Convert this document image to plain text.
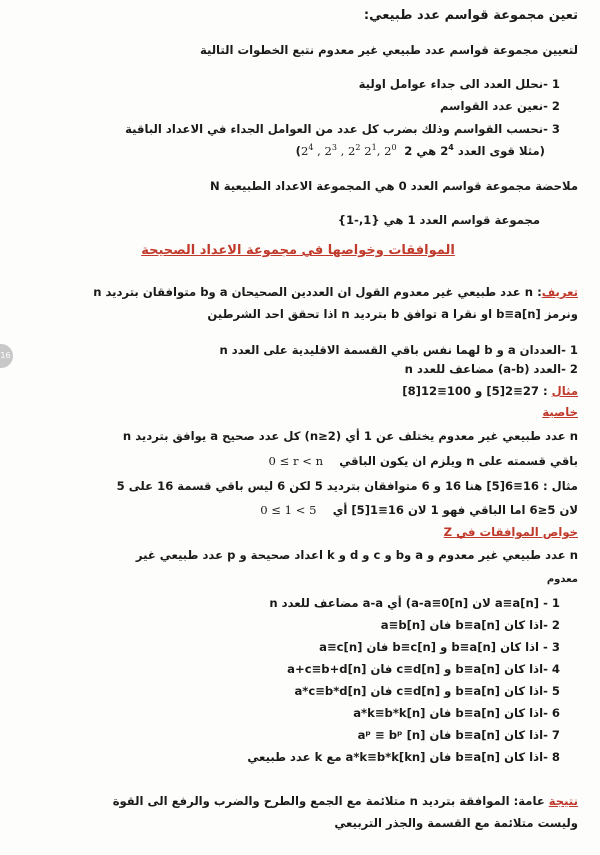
16
تعين مجموعة قواسم عدد طبيعي:
لتعيين مجموعة قواسم عدد طبيعي غير معدوم نتبع الخطوات التالية
1 -نحلل العدد الى جداء عوامل اولية
2 -نعين عدد القواسم
3 -نحسب القواسم وذلك بضرب كل عدد من العوامل الجداء في الاعداد الباقية
(مثلا قوى العدد $2^4$ هي 2 $2^4$ , $2^3$ , $2^2$ $2^1$, $2^0$ )
ملاحضة مجموعة قواسم العدد 0 هي المجموعة الاعداد الطبيعية N
مجموعة قواسم العدد 1 هي {1,-1}
الموافقات وخواصها في مجموعة الاعداد الصحيحة
تعريف: n عدد طبيعي غير معدوم القول ان العددين الصحيحان a وb متوافقان بترديد n
ونرمز b≡a[n] او نقرا a توافق b بترديد n اذا تحقق احد الشرطين
1 -العددان a و b لهما نفس باقي القسمة الاقليدية على العدد n
2 -العدد (a-b) مضاعف للعدد n
مثال : 27≡2[5] و 100≡12[8]
خاصية
n عدد طبيعي غير معدوم يختلف عن 1 أي (n≥2) كل عدد صحيح a يوافق بترديد n
باقي قسمته على n ويلزم ان يكون الباقي    0 ≤ r < n
مثال : 16≡6[5] هنا 16 و 6 متوافقان بترديد 5 لكن 6 ليس باقي قسمة 16 على 5
لان 5≤6 اما الباقي فهو 1 لان 16≡1[5] أي    0 ≤ 1 < 5
خواص الموافقات في Z
n عدد طبيعي غير معدوم و a وb و c و d و k اعداد صحيحة و p عدد طبيعي غير
معدوم
1 - a≡a[n] لان a-a≡0[n]) أي a-a مضاعف للعدد n
2 -اذا كان b≡a[n] فان a≡b[n]
3 - اذا كان b≡a[n] و b≡c[n] فان a≡c[n]
4 -اذا كان b≡a[n] و c≡d[n] فان a+c≡b+d[n]
5 -اذا كان b≡a[n] و c≡d[n] فان a*c≡b*d[n]
6 -اذا كان b≡a[n] فان a*k≡b*k[n]
7 -اذا كان b≡a[n] فان aᵖ ≡ bᵖ [n]
8 -اذا كان b≡a[n] فان a*k≡b*k[kn] مع k عدد طبيعي
نتيجة عامة: الموافقة بترديد n متلائمة مع الجمع والطرح والضرب والرفع الى القوة
وليست متلائمة مع القسمة والجذر التربيعي
